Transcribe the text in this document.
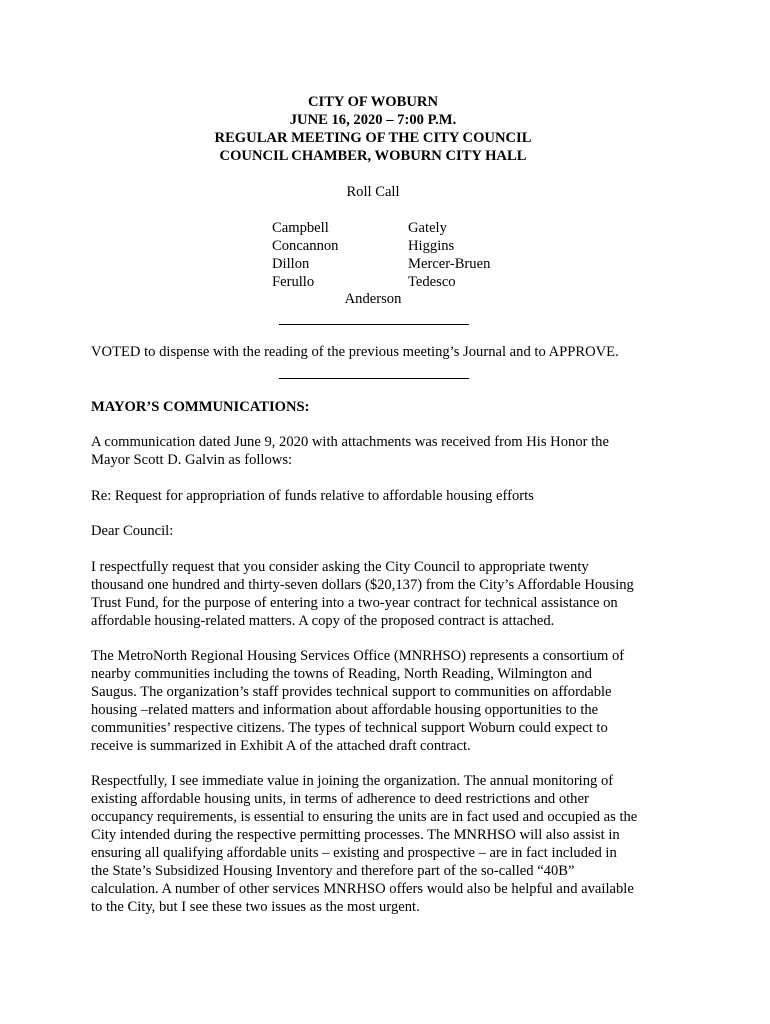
CITY OF WOBURN
JUNE 16, 2020 – 7:00 P.M.
REGULAR MEETING OF THE CITY COUNCIL
COUNCIL CHAMBER, WOBURN CITY HALL
Roll Call
Campbell
Concannon
Dillon
Ferullo
Gately
Higgins
Mercer-Bruen
Tedesco
Anderson

VOTED to dispense with the reading of the previous meeting’s Journal and to APPROVE.

MAYOR’S COMMUNICATIONS:

A communication dated June 9, 2020 with attachments was received from His Honor the
Mayor Scott D. Galvin as follows:

Re: Request for appropriation of funds relative to affordable housing efforts

Dear Council:

I respectfully request that you consider asking the City Council to appropriate twenty
thousand one hundred and thirty-seven dollars ($20,137) from the City’s Affordable Housing
Trust Fund, for the purpose of entering into a two-year contract for technical assistance on
affordable housing-related matters. A copy of the proposed contract is attached.

The MetroNorth Regional Housing Services Office (MNRHSO) represents a consortium of
nearby communities including the towns of Reading, North Reading, Wilmington and
Saugus. The organization’s staff provides technical support to communities on affordable
housing –related matters and information about affordable housing opportunities to the
communities’ respective citizens. The types of technical support Woburn could expect to
receive is summarized in Exhibit A of the attached draft contract.

Respectfully, I see immediate value in joining the organization. The annual monitoring of
existing affordable housing units, in terms of adherence to deed restrictions and other
occupancy requirements, is essential to ensuring the units are in fact used and occupied as the
City intended during the respective permitting processes. The MNRHSO will also assist in
ensuring all qualifying affordable units – existing and prospective – are in fact included in
the State’s Subsidized Housing Inventory and therefore part of the so-called “40B”
calculation. A number of other services MNRHSO offers would also be helpful and available
to the City, but I see these two issues as the most urgent.
